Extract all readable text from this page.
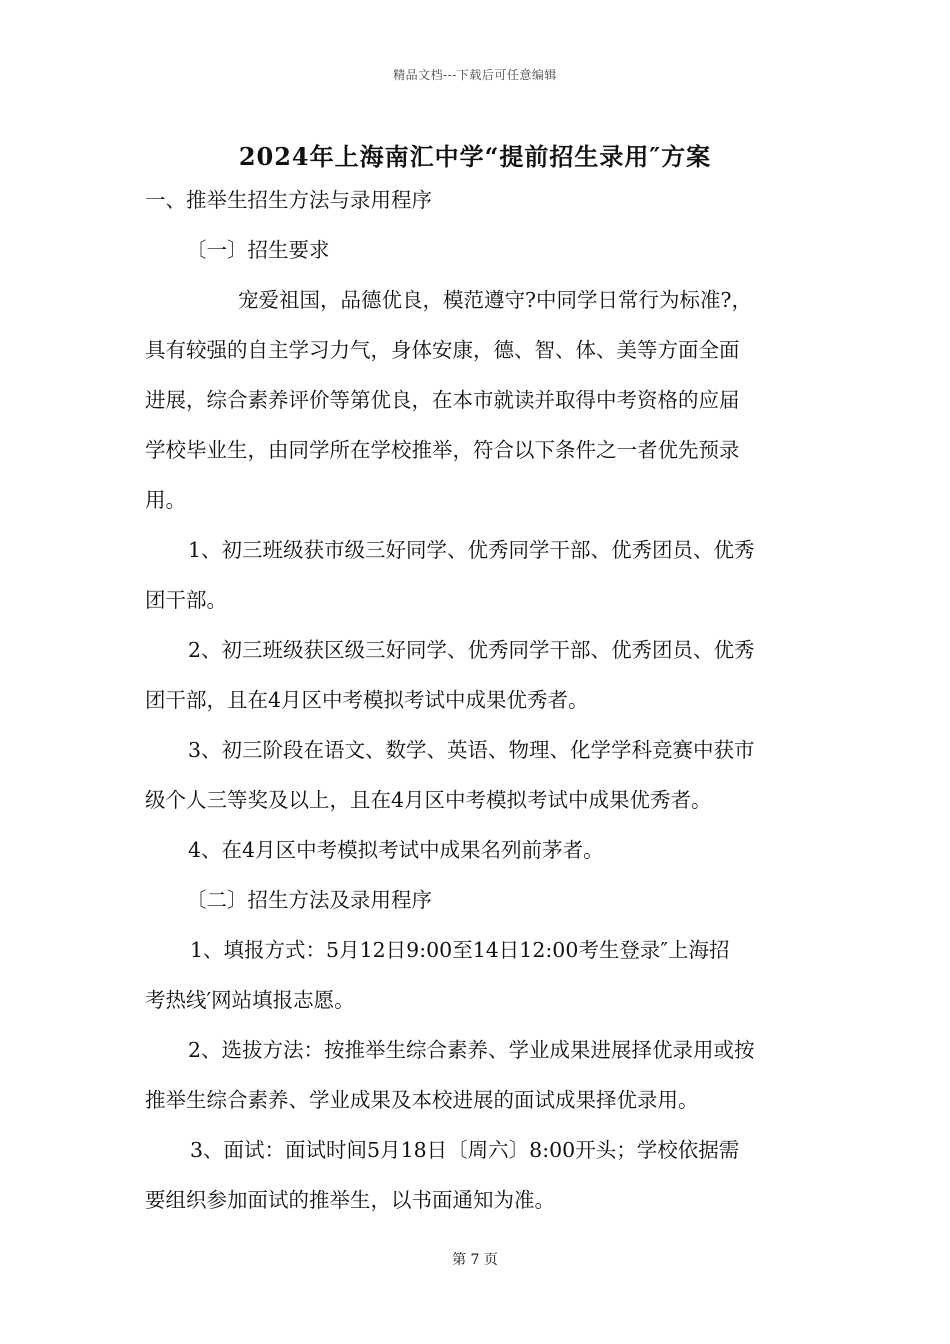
精品文档---下载后可任意编辑
2024年上海南汇中学“提前招生录用″方案
一、推举生招生方法与录用程序
〔一〕招生要求
宠爱祖国，品德优良，模范遵守?中同学日常行为标准?，
具有较强的自主学习力气，身体安康，德、智、体、美等方面全面
进展，综合素养评价等第优良，在本市就读并取得中考资格的应届
学校毕业生，由同学所在学校推举，符合以下条件之一者优先预录
用。
1、初三班级获市级三好同学、优秀同学干部、优秀团员、优秀
团干部。
2、初三班级获区级三好同学、优秀同学干部、优秀团员、优秀
团干部，且在4月区中考模拟考试中成果优秀者。
3、初三阶段在语文、数学、英语、物理、化学学科竞赛中获市
级个人三等奖及以上，且在4月区中考模拟考试中成果优秀者。
4、在4月区中考模拟考试中成果名列前茅者。
〔二〕招生方法及录用程序
1、填报方式：5月12日9:00至14日12:00考生登录″上海招
考热线′网站填报志愿。
2、选拔方法：按推举生综合素养、学业成果进展择优录用或按
推举生综合素养、学业成果及本校进展的面试成果择优录用。
3、面试：面试时间5月18日〔周六〕8:00开头；学校依据需
要组织参加面试的推举生，以书面通知为准。
第 7 页
